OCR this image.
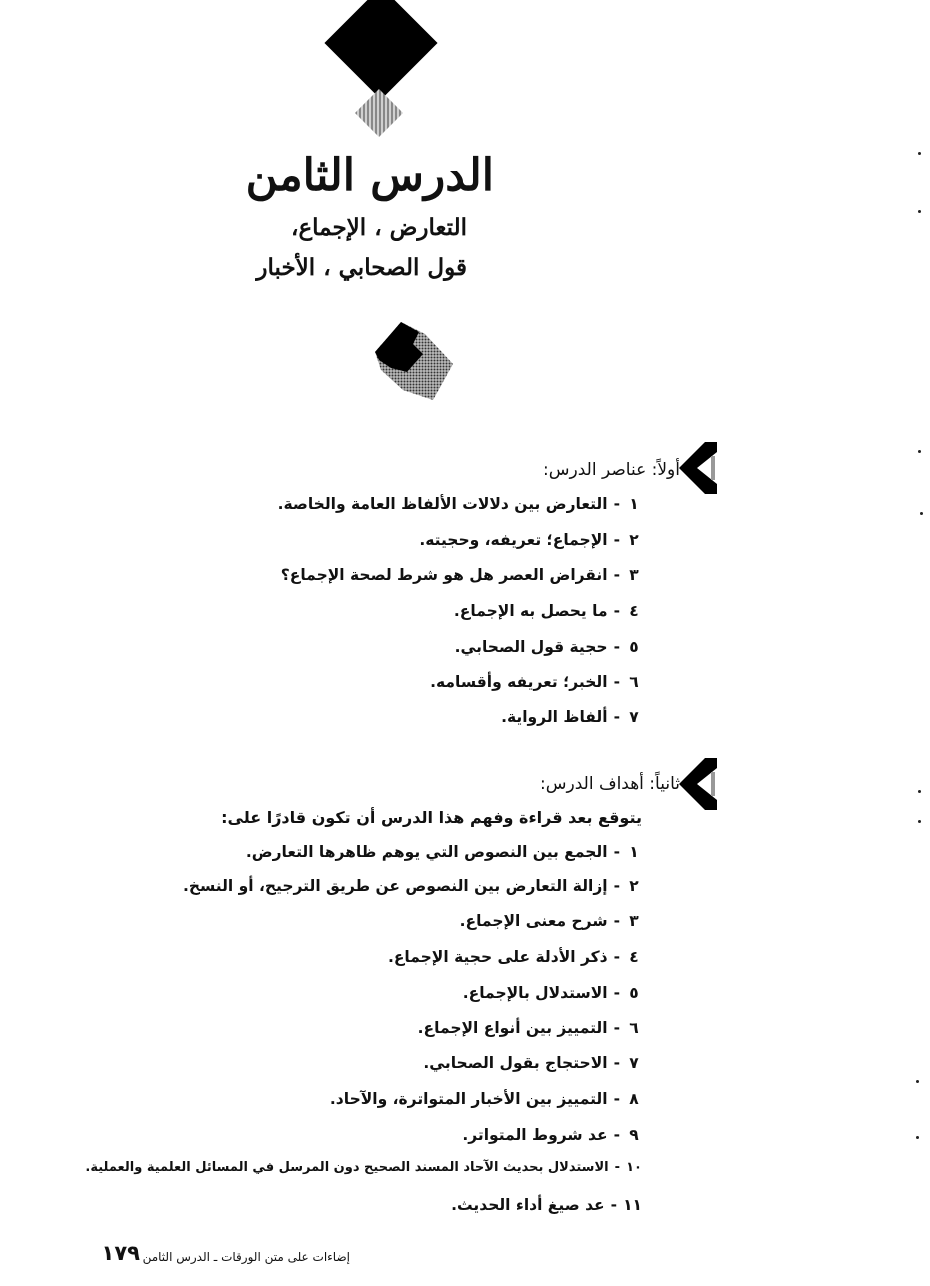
الدرس الثامن
التعارض ، الإجماع،
قول الصحابي ، الأخبار
أولاً: عناصر الدرس:
١
-
التعارض بين دلالات الألفاظ العامة والخاصة.
٢
-
الإجماع؛ تعريفه، وحجيته.
٣
-
انقراض العصر هل هو شرط لصحة الإجماع؟
٤
-
ما يحصل به الإجماع.
٥
-
حجية قول الصحابي.
٦
-
الخبر؛ تعريفه وأقسامه.
٧
-
ألفاظ الرواية.
ثانياً: أهداف الدرس:
يتوقع بعد قراءة وفهم هذا الدرس أن تكون قادرًا على:
١
-
الجمع بين النصوص التي يوهم ظاهرها التعارض.
٢
-
إزالة التعارض بين النصوص عن طريق الترجيح، أو النسخ.
٣
-
شرح معنى الإجماع.
٤
-
ذكر الأدلة على حجية الإجماع.
٥
-
الاستدلال بالإجماع.
٦
-
التمييز بين أنواع الإجماع.
٧
-
الاحتجاج بقول الصحابي.
٨
-
التمييز بين الأخبار المتواترة، والآحاد.
٩
-
عد شروط المتواتر.
١٠
-
الاستدلال بحديث الآحاد المسند الصحيح دون المرسل في المسائل العلمية والعملية.
١١
-
عد صيغ أداء الحديث.
إضاءات على متن الورقات ـ الدرس الثامن
١٧٩
